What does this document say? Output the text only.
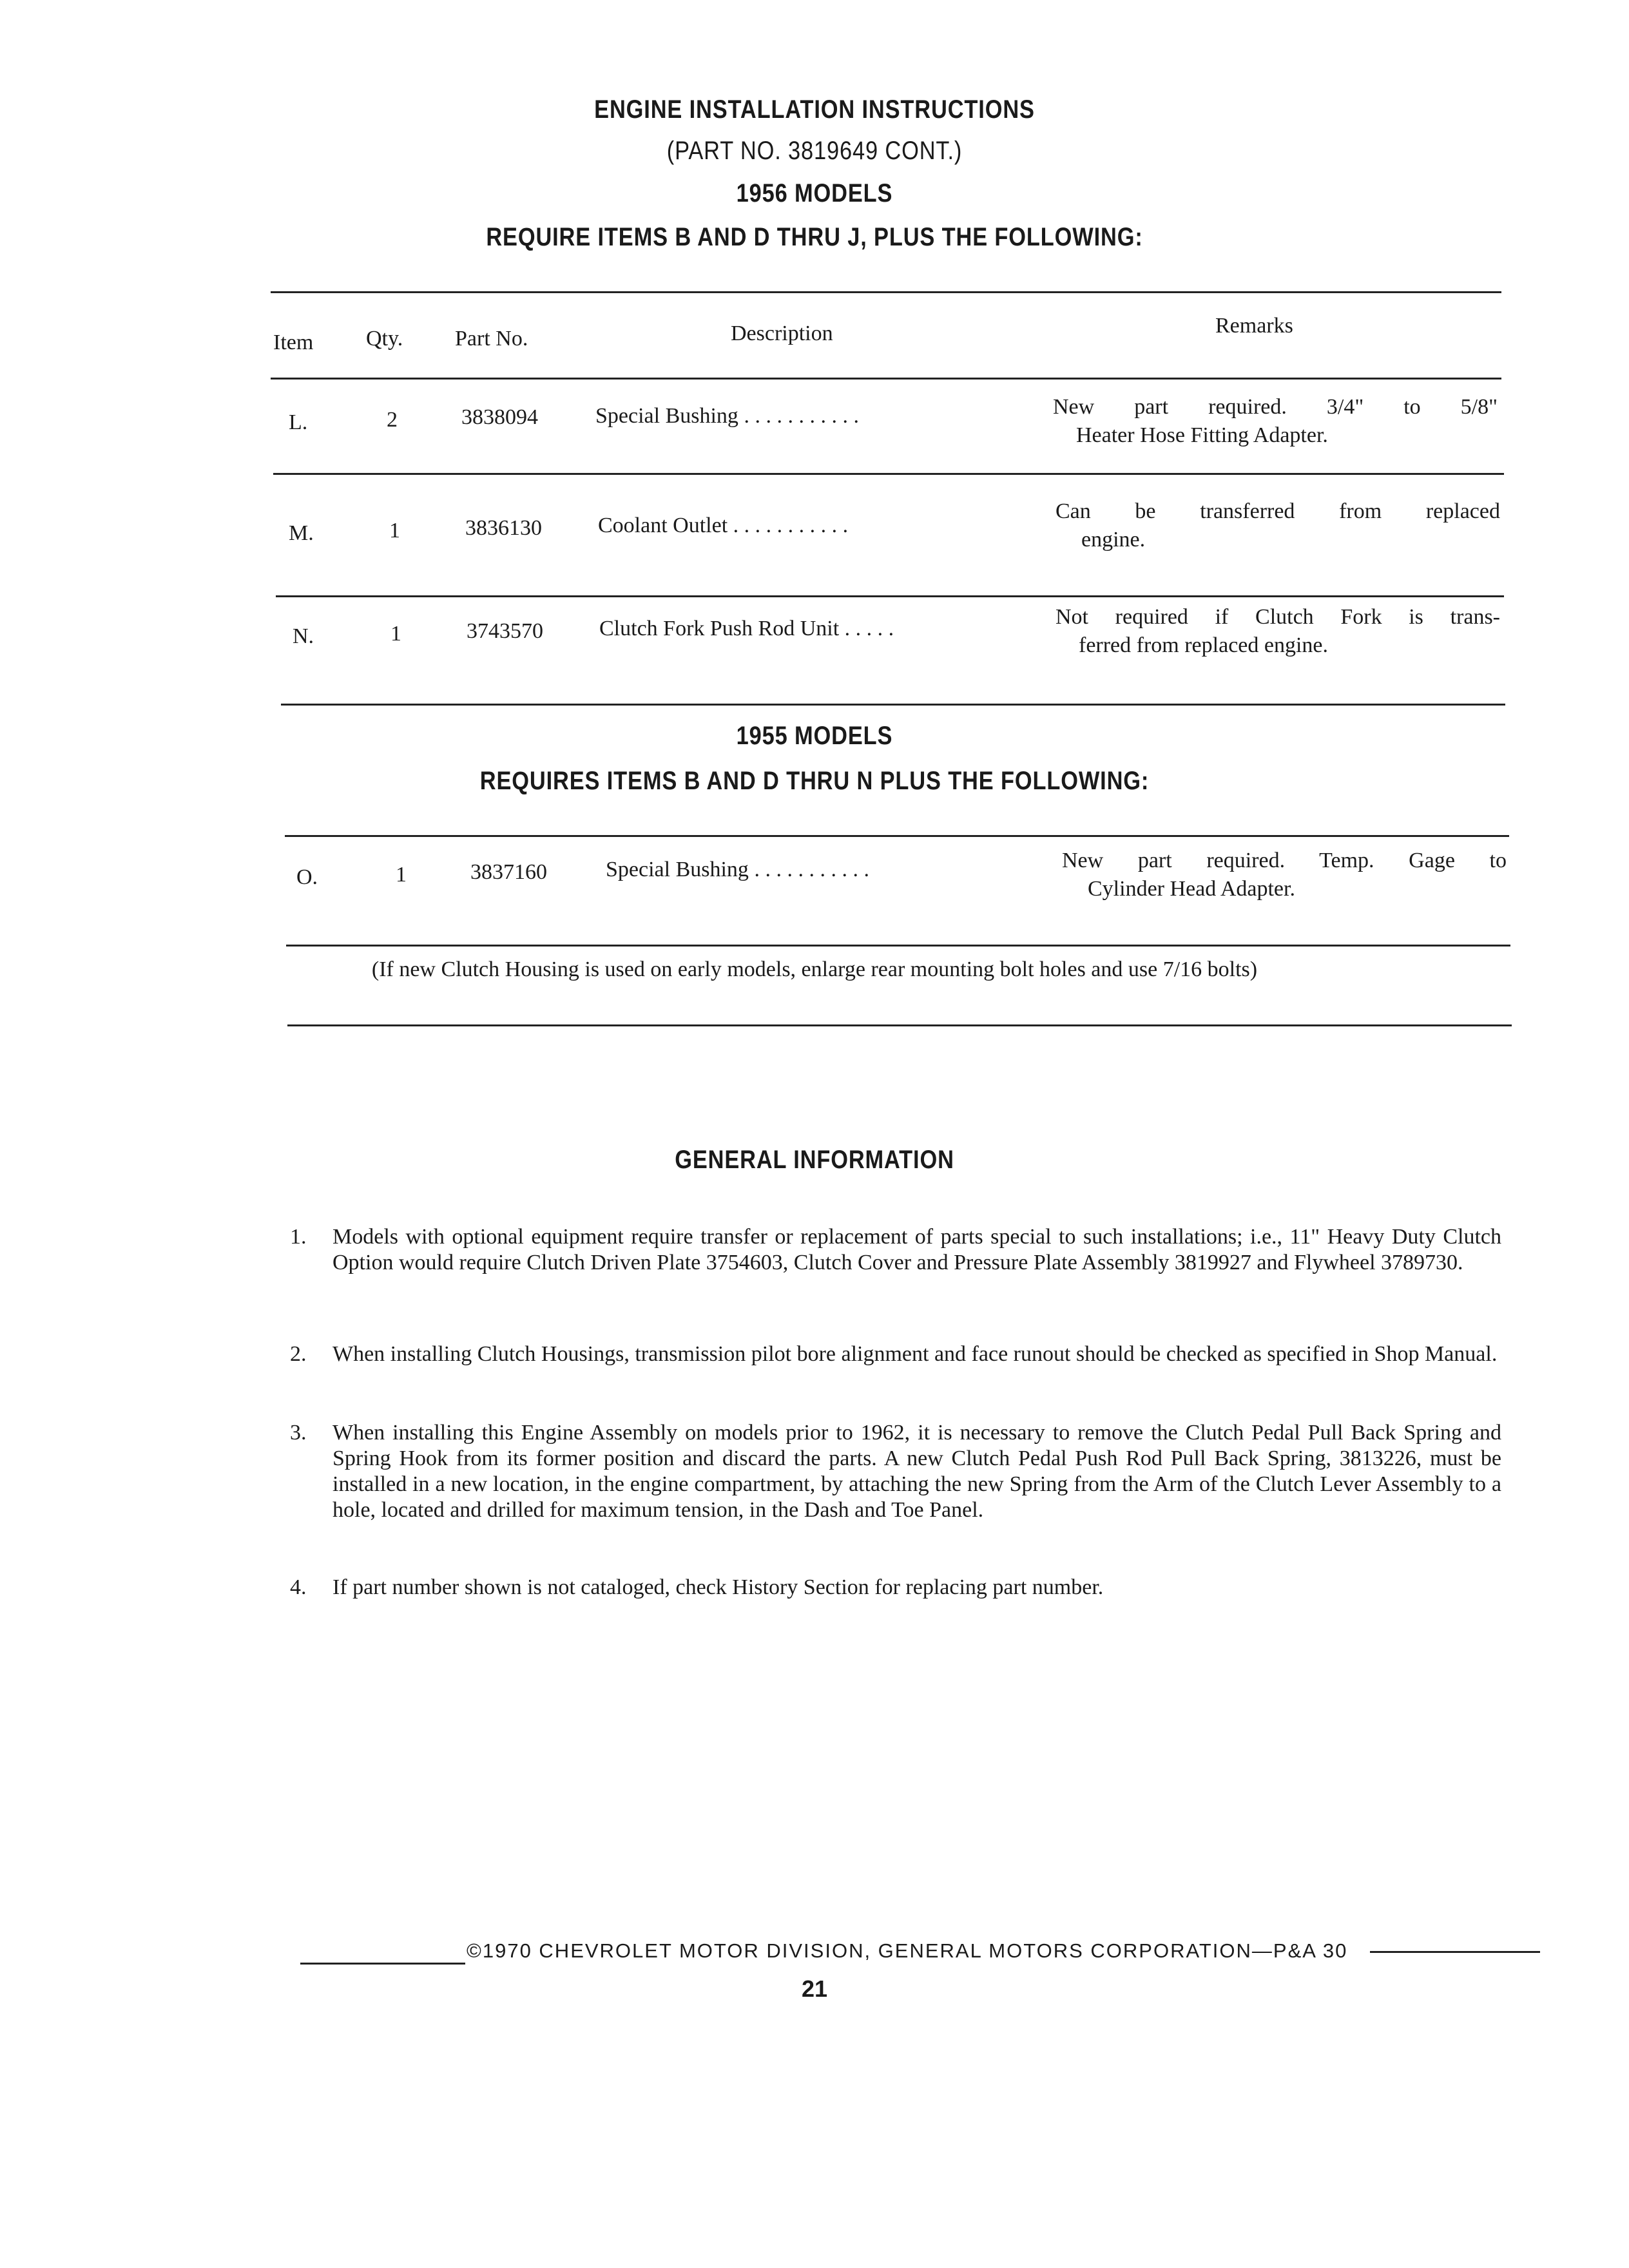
ENGINE INSTALLATION INSTRUCTIONS
(PART NO. 3819649 CONT.)
1956 MODELS
REQUIRE ITEMS B AND D THRU J, PLUS THE FOLLOWING:
Item Qty. Part No.	Description	Remarks
L.	2	3838094	Special Bushing . . . . . . . . . . .	New part required. 3/4" to 5/8"
Heater Hose Fitting Adapter.
M.	1	3836130	Coolant Outlet . . . . . . . . . . .
Can be transferred from replaced
engine.
N.	1	3743570	Clutch Fork Push Rod Unit . . . . .	Not required if Clutch Fork is trans-
ferred from replaced engine.
1955 MODELS
REQUIRES ITEMS B AND D THRU N PLUS THE FOLLOWING:
O.	1	3837160	Special Bushing . . . . . . . . . . .	New part required. Temp. Gage to
Cylinder Head Adapter.
(If new Clutch Housing is used on early models, enlarge rear mounting bolt holes and use 7/16 bolts)
GENERAL INFORMATION
1. Models with optional equipment require transfer or replacement of parts special to such installations; i.e., 11" Heavy Duty Clutch Option would require Clutch Driven Plate 3754603, Clutch Cover and Pressure Plate Assembly 3819927 and Flywheel 3789730.
2. When installing Clutch Housings, transmission pilot bore alignment and face runout should be checked as specified in Shop Manual.
3. When installing this Engine Assembly on models prior to 1962, it is necessary to remove the Clutch Pedal Pull Back Spring and Spring Hook from its former position and discard the parts. A new Clutch Pedal Push Rod Pull Back Spring, 3813226, must be installed in a new location, in the engine compartment, by attaching the new Spring from the Arm of the Clutch Lever Assembly to a hole, located and drilled for maximum tension, in the Dash and Toe Panel.
4. If part number shown is not cataloged, check History Section for replacing part number.
©1970 CHEVROLET MOTOR DIVISION, GENERAL MOTORS CORPORATION—P&A 30
21
